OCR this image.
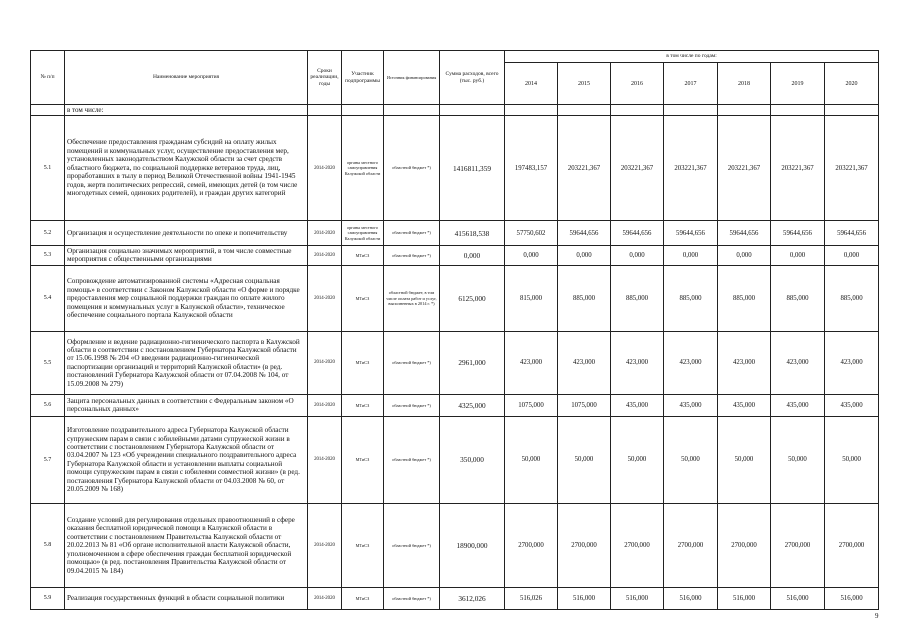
№ п/п	Наименование мероприятия	Сроки реализации, годы	Участник подпрограммы	Источник финансирования	Сумма расходов, всего (тыс. руб.)	в том числе по годам:						
						2014	2015	2016	2017	2018	2019	2020
	в том числе:											
5.1	Обеспечение предоставления гражданам субсидий на оплату жилых помещений и коммунальных услуг, осуществление предоставления мер, установленных законодательством Калужской области за счет средств областного бюджета, по социальной поддержке ветеранов труда, лиц, проработавших в тылу в период Великой Отечественной войны 1941-1945 годов, жертв политических репрессий, семей, имеющих детей (в том числе многодетных семей, одиноких родителей), и граждан других категорий	2014-2020	органы местного самоуправления Калужской области	областной бюджет *)	1416811,359	197483,157	203221,367	203221,367	203221,367	203221,367	203221,367	203221,367
5.2	Организация и осуществление деятельности по опеке и попечительству	2014-2020	органы местного самоуправления Калужской области	областной бюджет *)	415618,538	57750,602	59644,656	59644,656	59644,656	59644,656	59644,656	59644,656
5.3	Организация социально значимых мероприятий, в том числе совместные мероприятия с общественными организациями	2014-2020	МТиСЗ	областной бюджет *)	0,000	0,000	0,000	0,000	0,000	0,000	0,000	0,000
5.4	Сопровождение автоматизированной системы «Адресная социальная помощь» в соответствии с Законом Калужской области «О форме и порядке предоставления мер социальной поддержки граждан по оплате жилого помещения и коммунальных услуг в Калужской области», техническое обеспечение социального портала Калужской области	2014-2020	МТиСЗ	областной бюджет, в том числе оплата работ и услуг, выполненных в 2014 г. *)	6125,000	815,000	885,000	885,000	885,000	885,000	885,000	885,000
5.5	Оформление и ведение радиационно-гигиенического паспорта в Калужской области в соответствии с постановлением Губернатора Калужской области от 15.06.1998 № 204 «О введении радиационно-гигиенической паспортизации организаций и территорий Калужской области» (в ред. постановлений Губернатора Калужской области от 07.04.2008 № 104, от 15.09.2008 № 279)	2014-2020	МТиСЗ	областной бюджет *)	2961,000	423,000	423,000	423,000	423,000	423,000	423,000	423,000
5.6	Защита персональных данных в соответствии с Федеральным законом «О персональных данных»	2014-2020	МТиСЗ	областной бюджет *)	4325,000	1075,000	1075,000	435,000	435,000	435,000	435,000	435,000
5.7	Изготовление поздравительного адреса Губернатора Калужской области супружеским парам в связи с юбилейными датами супружеской жизни в соответствии с постановлением Губернатора Калужской области от 03.04.2007 № 123 «Об учреждении специального поздравительного адреса Губернатора Калужской области и установлении выплаты социальной помощи супружеским парам в связи с юбилеями совместной жизни» (в ред. постановления Губернатора Калужской области от 04.03.2008 № 60, от 20.05.2009 № 168)	2014-2020	МТиСЗ	областной бюджет *)	350,000	50,000	50,000	50,000	50,000	50,000	50,000	50,000
5.8	Создание условий для регулирования отдельных правоотношений в сфере оказания бесплатной юридической помощи в Калужской области в соответствии с постановлением Правительства Калужской области от 20.02.2013 № 81 «Об органе исполнительной власти Калужской области, уполномоченном в сфере обеспечения граждан бесплатной юридической помощью» (в ред. постановления Правительства Калужской области от 09.04.2015 № 184)	2014-2020	МТиСЗ	областной бюджет *)	18900,000	2700,000	2700,000	2700,000	2700,000	2700,000	2700,000	2700,000
5.9	Реализация государственных функций в области социальной политики	2014-2020	МТиСЗ	областной бюджет *)	3612,026	516,026	516,000	516,000	516,000	516,000	516,000	516,000
9
